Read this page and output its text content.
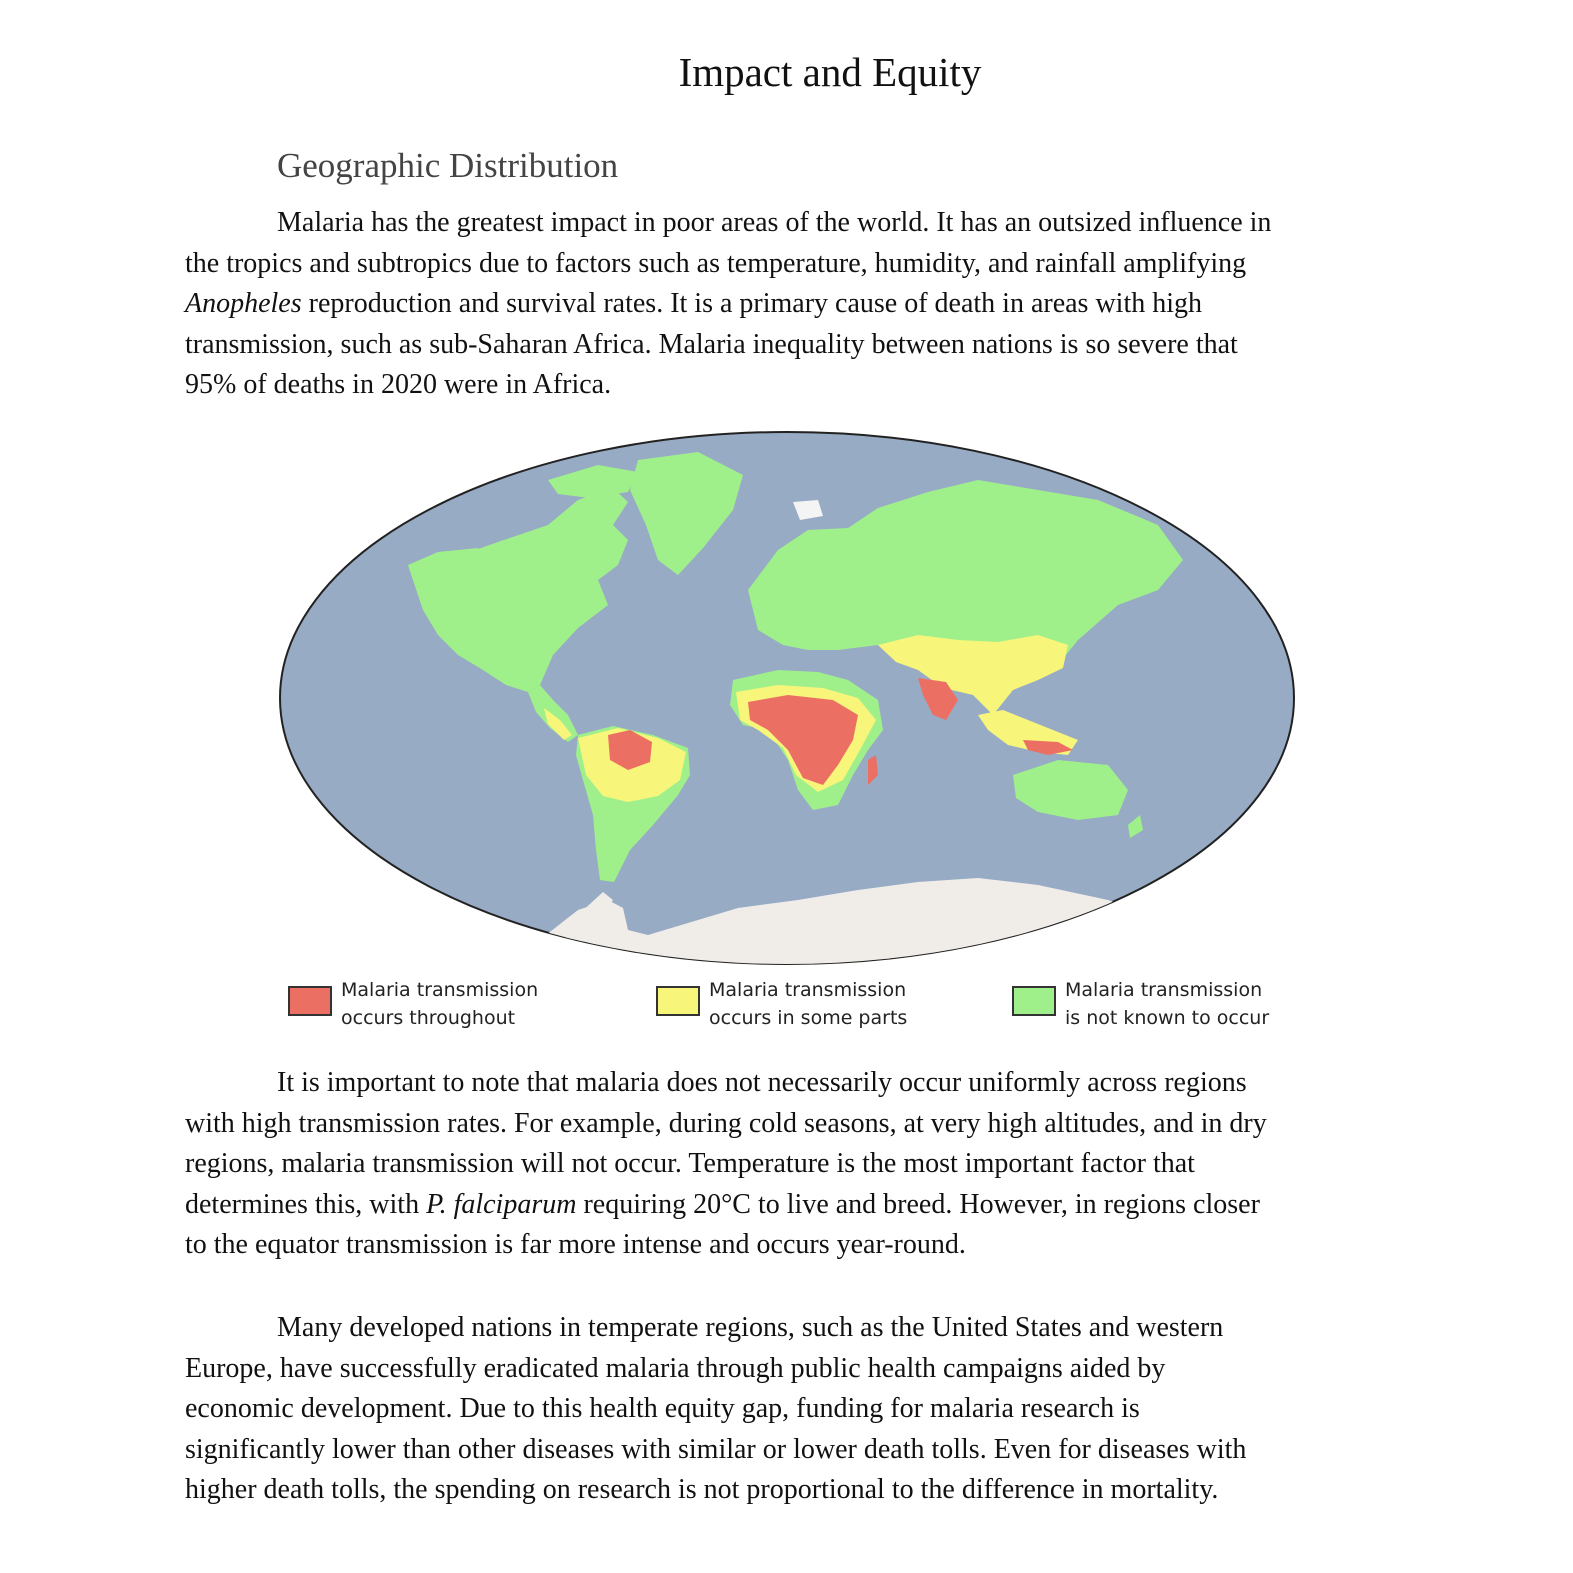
Impact and Equity
Geographic Distribution
Malaria has the greatest impact in poor areas of the world. It has an outsized influence in
the tropics and subtropics due to factors such as temperature, humidity, and rainfall amplifying
Anopheles reproduction and survival rates. It is a primary cause of death in areas with high
transmission, such as sub-Saharan Africa. Malaria inequality between nations is so severe that
95% of deaths in 2020 were in Africa.
Malaria transmission
occurs throughout
Malaria transmission
occurs in some parts
Malaria transmission
is not known to occur
It is important to note that malaria does not necessarily occur uniformly across regions
with high transmission rates. For example, during cold seasons, at very high altitudes, and in dry
regions, malaria transmission will not occur. Temperature is the most important factor that
determines this, with P. falciparum requiring 20°C to live and breed. However, in regions closer
to the equator transmission is far more intense and occurs year-round.
Many developed nations in temperate regions, such as the United States and western
Europe, have successfully eradicated malaria through public health campaigns aided by
economic development. Due to this health equity gap, funding for malaria research is
significantly lower than other diseases with similar or lower death tolls. Even for diseases with
higher death tolls, the spending on research is not proportional to the difference in mortality.
